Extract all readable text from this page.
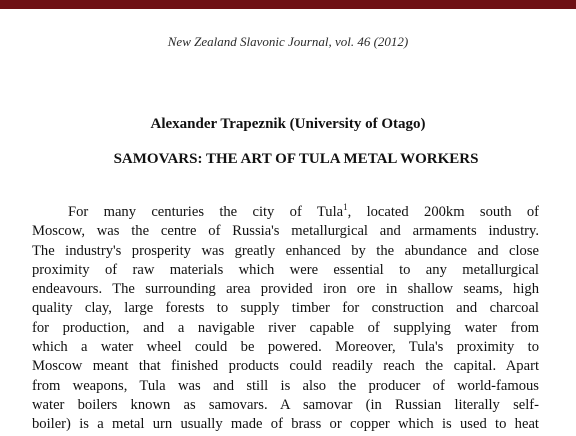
New Zealand Slavonic Journal, vol. 46 (2012)
Alexander Trapeznik (University of Otago)
SAMOVARS: THE ART OF TULA METAL WORKERS
For many centuries the city of Tula$^1$, located 200km south of
Moscow, was the centre of Russia's metallurgical and armaments industry.
The industry's prosperity was greatly enhanced by the abundance and close
proximity of raw materials which were essential to any metallurgical
endeavours. The surrounding area provided iron ore in shallow seams, high
quality clay, large forests to supply timber for construction and charcoal
for production, and a navigable river capable of supplying water from
which a water wheel could be powered. Moreover, Tula's proximity to
Moscow meant that finished products could readily reach the capital. Apart
from weapons, Tula was and still is also the producer of world-famous
water boilers known as samovars. A samovar (in Russian literally self-
boiler) is a metal urn usually made of brass or copper which is used to heat
